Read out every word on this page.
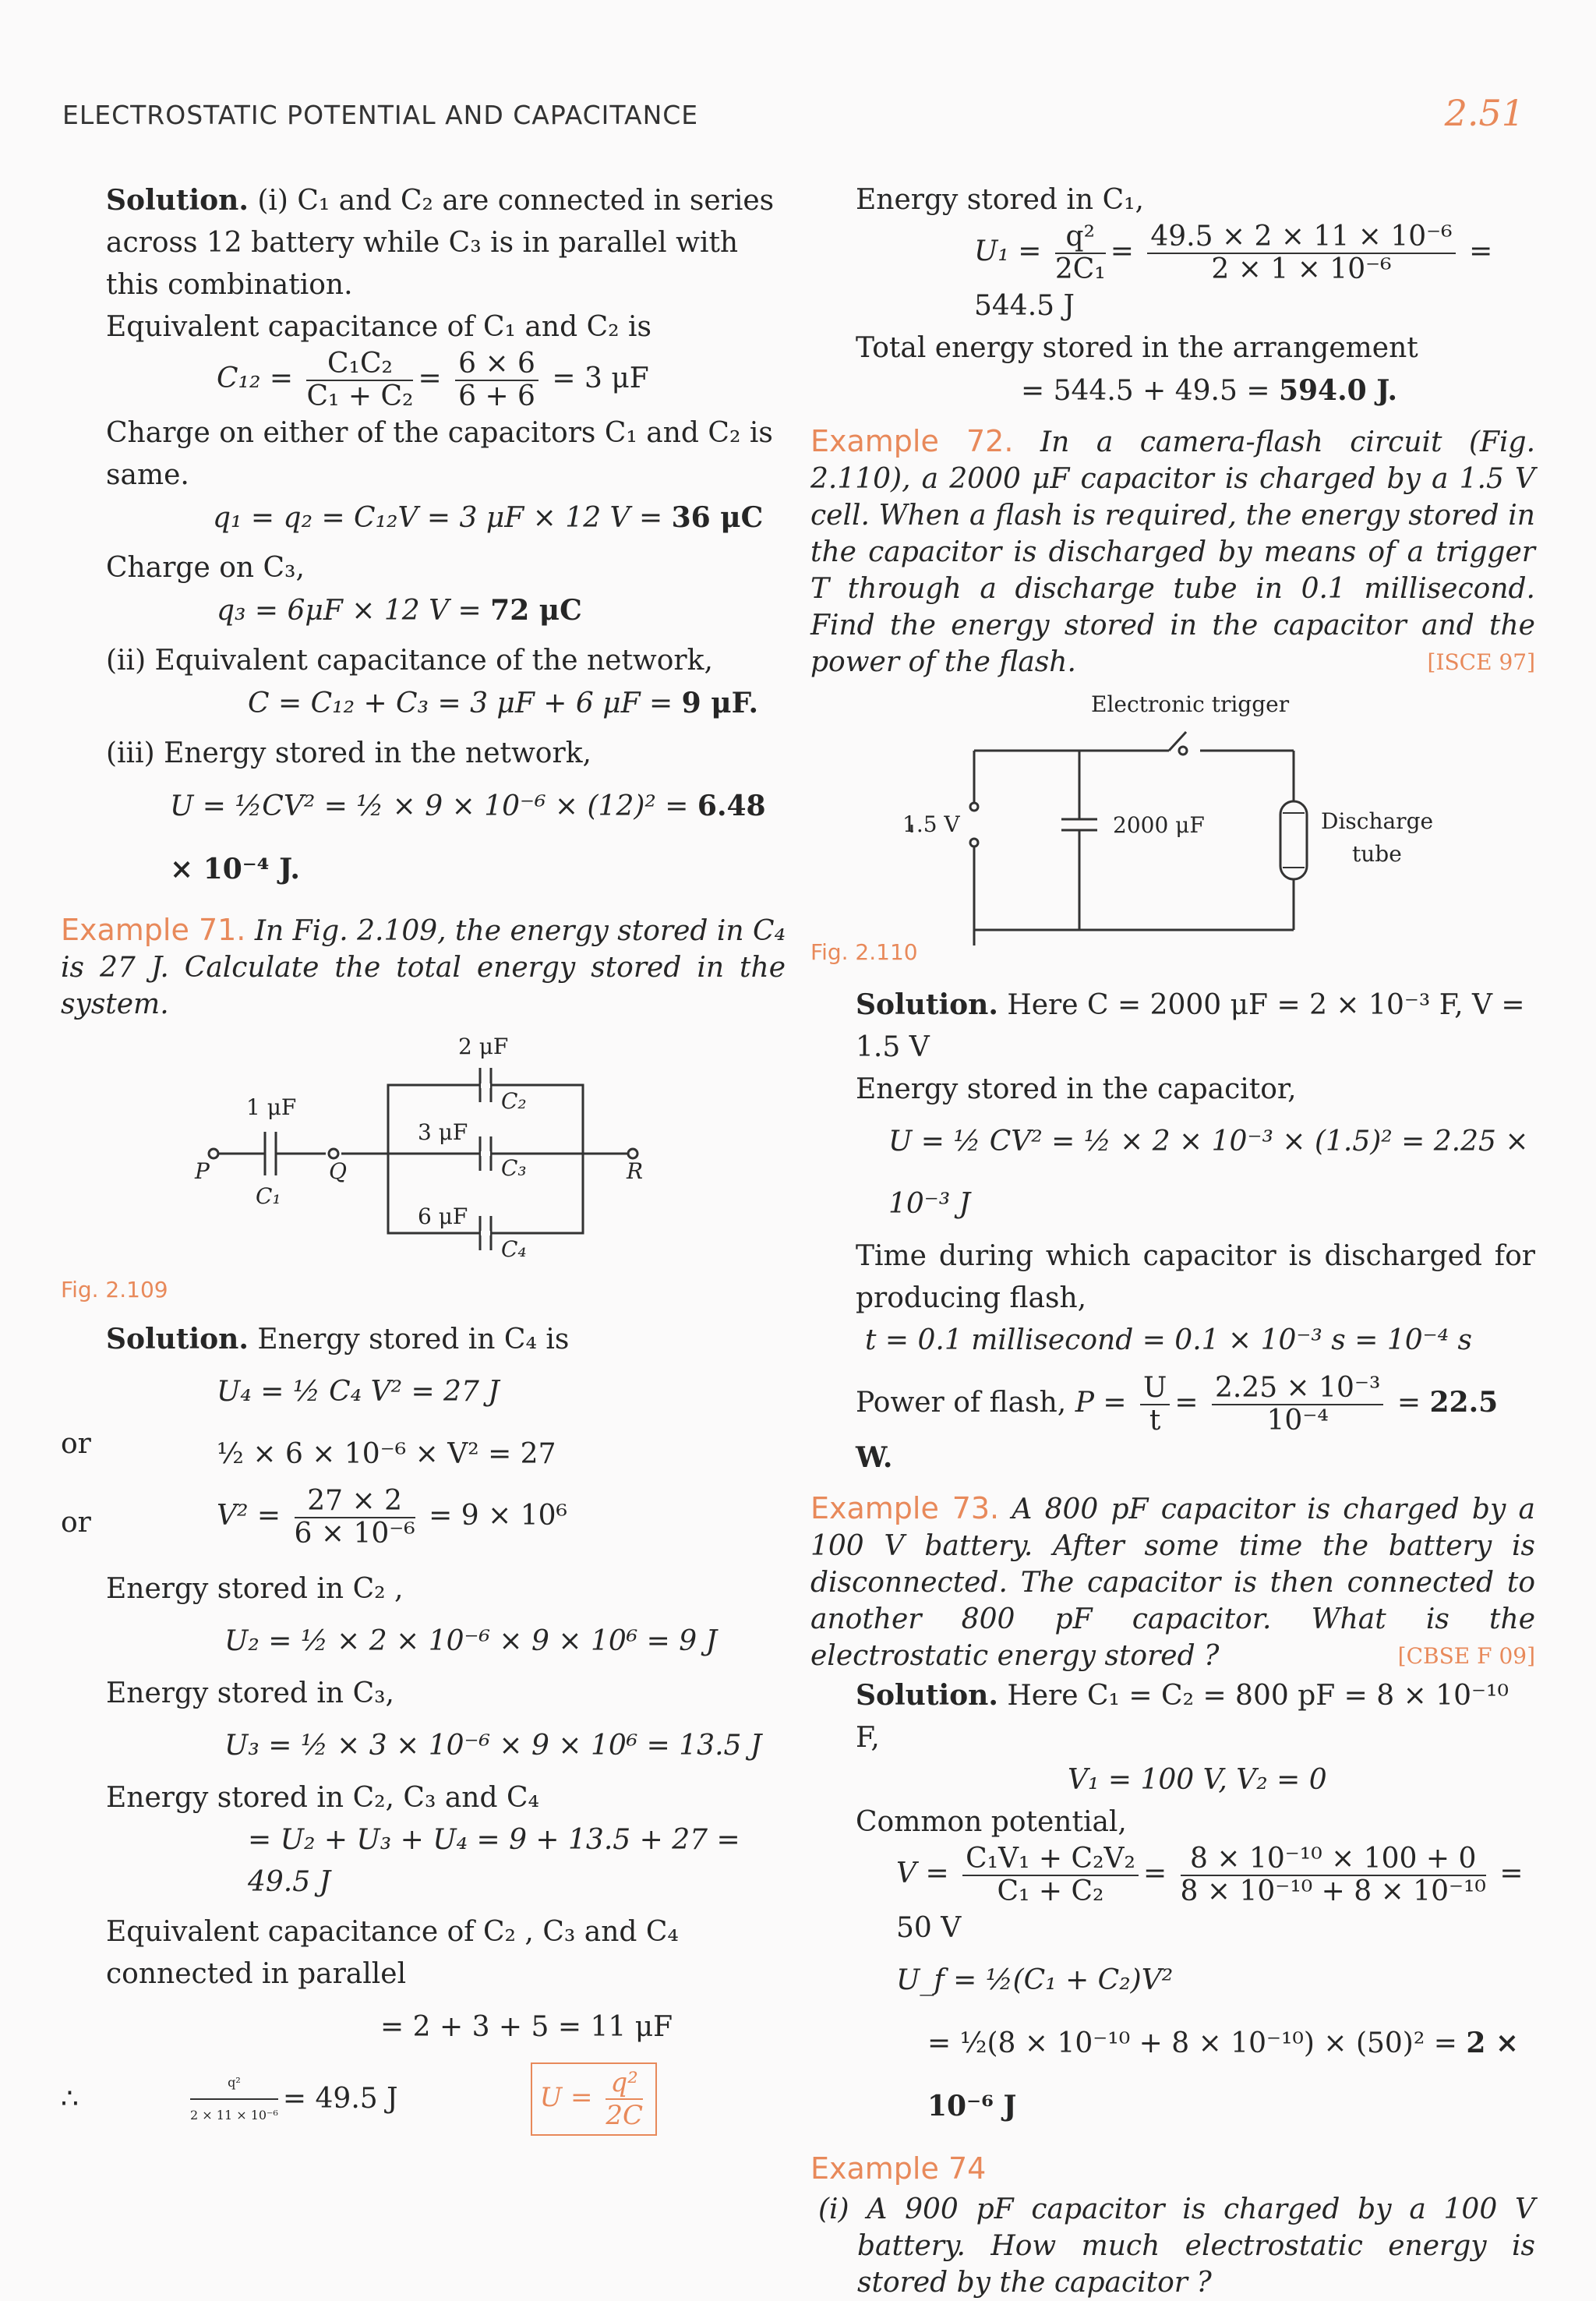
ELECTROSTATIC POTENTIAL AND CAPACITANCE	2.51

Solution. (i) C₁ and C₂ are connected in series across 12 battery while C₃ is in parallel with this combination.

Equivalent capacitance of C₁ and C₂ is

$C_{12} = \frac{\text{C₁C₂}}{\text{C₁ + C₂}} = \frac{6 \times 6}{6 + 6} = 3$ μF

Charge on either of the capacitors C₁ and C₂ is same.

q₁ = q₂ = C₁₂V = 3 μF × 12 V = 36 μC

Charge on C₃,

q₃ = 6μF × 12 V = 72 μC

(ii) Equivalent capacitance of the network,

C = C₁₂ + C₃ = 3 μF + 6 μF = 9 μF.

(iii) Energy stored in the network,

U = ½CV² = ½ × 9 × 10⁻⁶ × (12)² = 6.48 × 10⁻⁴ J.

Example 71. In Fig. 2.109, the energy stored in C₄ is 27 J. Calculate the total energy stored in the system.
1 μF
2 μF
3 μF
6 μF
C₁
C₂
C₃
C₄
P	Q	R
Fig. 2.109

Solution. Energy stored in C₄ is

U₄ = ½ C₄ V² = 27 J

or	½ × 6 × 10⁻⁶ × V² = 27
or	$V^2 = \frac{27 \times 2}{\text{6 × 10⁻⁶}} = 9 \times 10^6$

Energy stored in C₂ ,

U₂ = ½ × 2 × 10⁻⁶ × 9 × 10⁶ = 9 J

Energy stored in C₃,

U₃ = ½ × 3 × 10⁻⁶ × 9 × 10⁶ = 13.5 J

Energy stored in C₂, C₃ and C₄

= U₂ + U₃ + U₄ = 9 + 13.5 + 27 = 49.5 J

Equivalent capacitance of C₂ , C₃ and C₄ connected in parallel

= 2 + 3 + 5 = 11 μF

∴	$\frac{\text{q²}}{\text{2 × 11 × 10⁻⁶}} = 49.5$ J	$U = \frac{\text{q²}}{2C}$

Energy stored in C₁,

$U_1 = \frac{\text{q²}}{\text{2C₁}} = \frac{\text{49.5 × 2 × 11 × 10⁻⁶}}{\text{2 × 1 × 10⁻⁶}} = 544.5$ J

Total energy stored in the arrangement

= 544.5 + 49.5 = 594.0 J.

Example 72. In a camera-flash circuit (Fig. 2.110), a 2000 μF capacitor is charged by a 1.5 V cell. When a flash is required, the energy stored in the capacitor is discharged by means of a trigger T through a discharge tube in 0.1 millisecond. Find the energy stored in the capacitor and the power of the flash.	[ISCE 97]
Electronic trigger
1.5 V	2000 μF	Discharge
tube
Fig. 2.110

Solution. Here C = 2000 μF = 2 × 10⁻³ F, V = 1.5 V

Energy stored in the capacitor,

U = ½ CV² = ½ × 2 × 10⁻³ × (1.5)² = 2.25 × 10⁻³ J

Time during which capacitor is discharged for producing flash,

t = 0.1 millisecond = 0.1 × 10⁻³ s = 10⁻⁴ s

Power of flash, $P = \frac{U}{t} = \frac{\text{2.25 × 10⁻³}}{\text{10⁻⁴}} = 22.5$ W.
Example 73. A 800 pF capacitor is charged by a 100 V battery. After some time the battery is disconnected. The capacitor is then connected to another 800 pF capacitor. What is the electrostatic energy stored ?	[CBSE F 09]

Solution. Here C₁ = C₂ = 800 pF = 8 × 10⁻¹⁰ F,

V₁ = 100 V, V₂ = 0

Common potential,

$V = \frac{\text{C₁V₁ + C₂V₂}}{\text{C₁ + C₂}} = \frac{\text{8 × 10⁻¹⁰ × 100 + 0}}{\text{8 × 10⁻¹⁰ + 8 × 10⁻¹⁰}} = 50$ V

U_f = ½(C₁ + C₂)V²

= ½(8 × 10⁻¹⁰ + 8 × 10⁻¹⁰) × (50)² = 2 × 10⁻⁶ J

Example 74

(i) A 900 pF capacitor is charged by a 100 V battery. How much electrostatic energy is stored by the capacitor ?
